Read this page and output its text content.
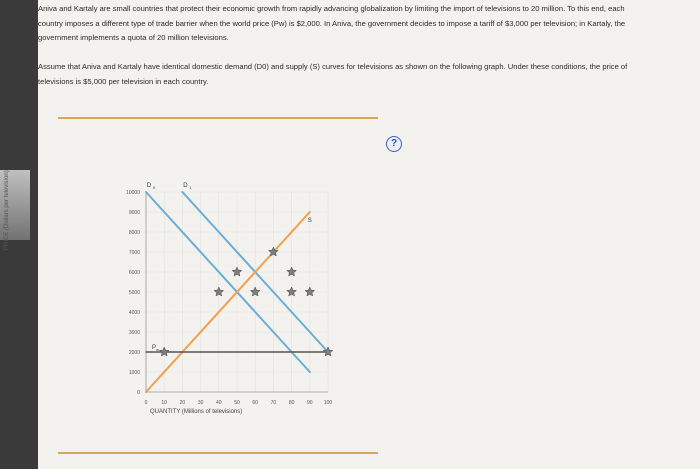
Aniva and Kartaly are small countries that protect their economic growth from rapidly advancing globalization by limiting the import of televisions to 20 million. To this end, each country imposes a different type of trade barrier when the world price (Pw) is $2,000. In Aniva, the government decides to impose a tariff of $3,000 per television; in Kartaly, the government implements a quota of 20 million televisions.
Assume that Aniva and Kartaly have identical domestic demand (D0) and supply (S) curves for televisions as shown on the following graph. Under these conditions, the price of televisions is $5,000 per television in each country.
?
0	10	20	30	40	50	60	70	80	90 100
1000
2000
3000
4000
5000
6000
7000
8000
9000
10000
0
D 0	D 1
S
P w
PRICE (Dollars per television)
QUANTITY (Millions of televisions)
